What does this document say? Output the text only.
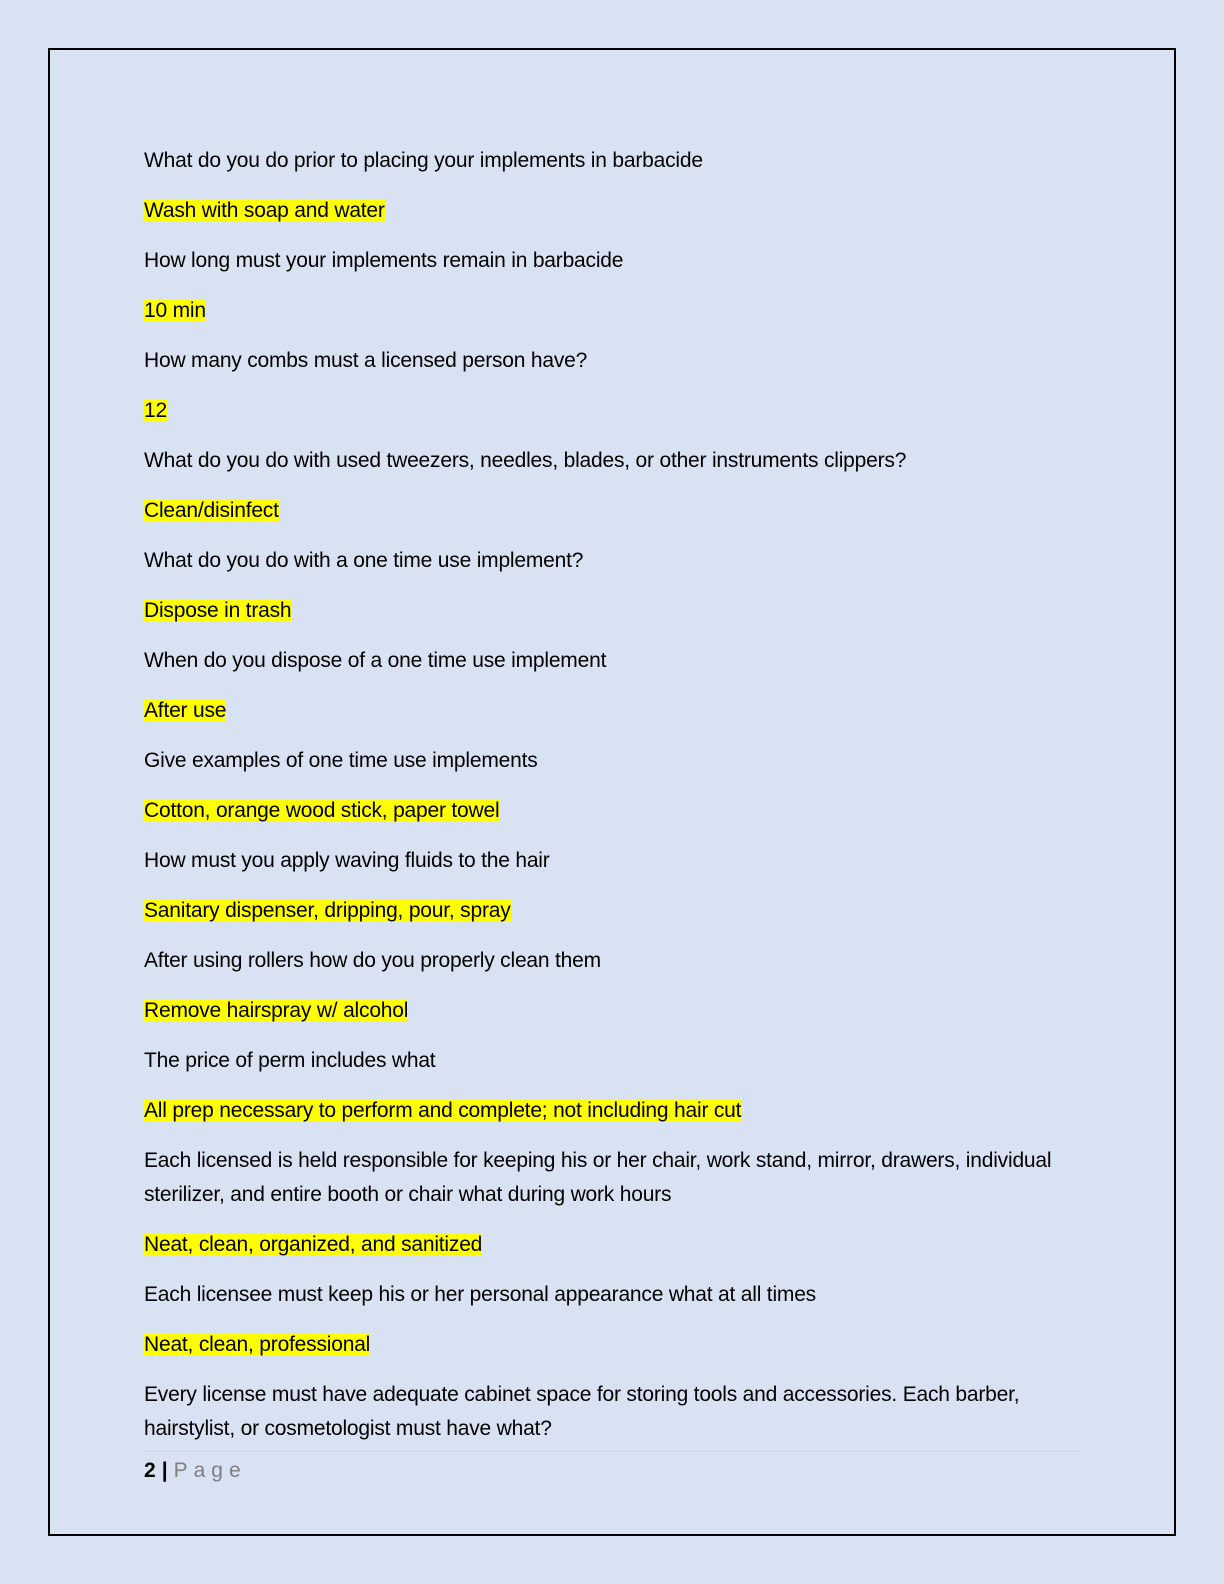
What do you do prior to placing your implements in barbacide

Wash with soap and water

How long must your implements remain in barbacide

10 min

How many combs must a licensed person have?

12

What do you do with used tweezers, needles, blades, or other instruments clippers?

Clean/disinfect

What do you do with a one time use implement?

Dispose in trash

When do you dispose of a one time use implement

After use

Give examples of one time use implements

Cotton, orange wood stick, paper towel

How must you apply waving fluids to the hair

Sanitary dispenser, dripping, pour, spray

After using rollers how do you properly clean them

Remove hairspray w/ alcohol

The price of perm includes what

All prep necessary to perform and complete; not including hair cut

Each licensed is held responsible for keeping his or her chair, work stand, mirror, drawers, individual sterilizer, and entire booth or chair what during work hours

Neat, clean, organized, and sanitized

Each licensee must keep his or her personal appearance what at all times

Neat, clean, professional

Every license must have adequate cabinet space for storing tools and accessories. Each barber, hairstylist, or cosmetologist must have what?

2 | Page
